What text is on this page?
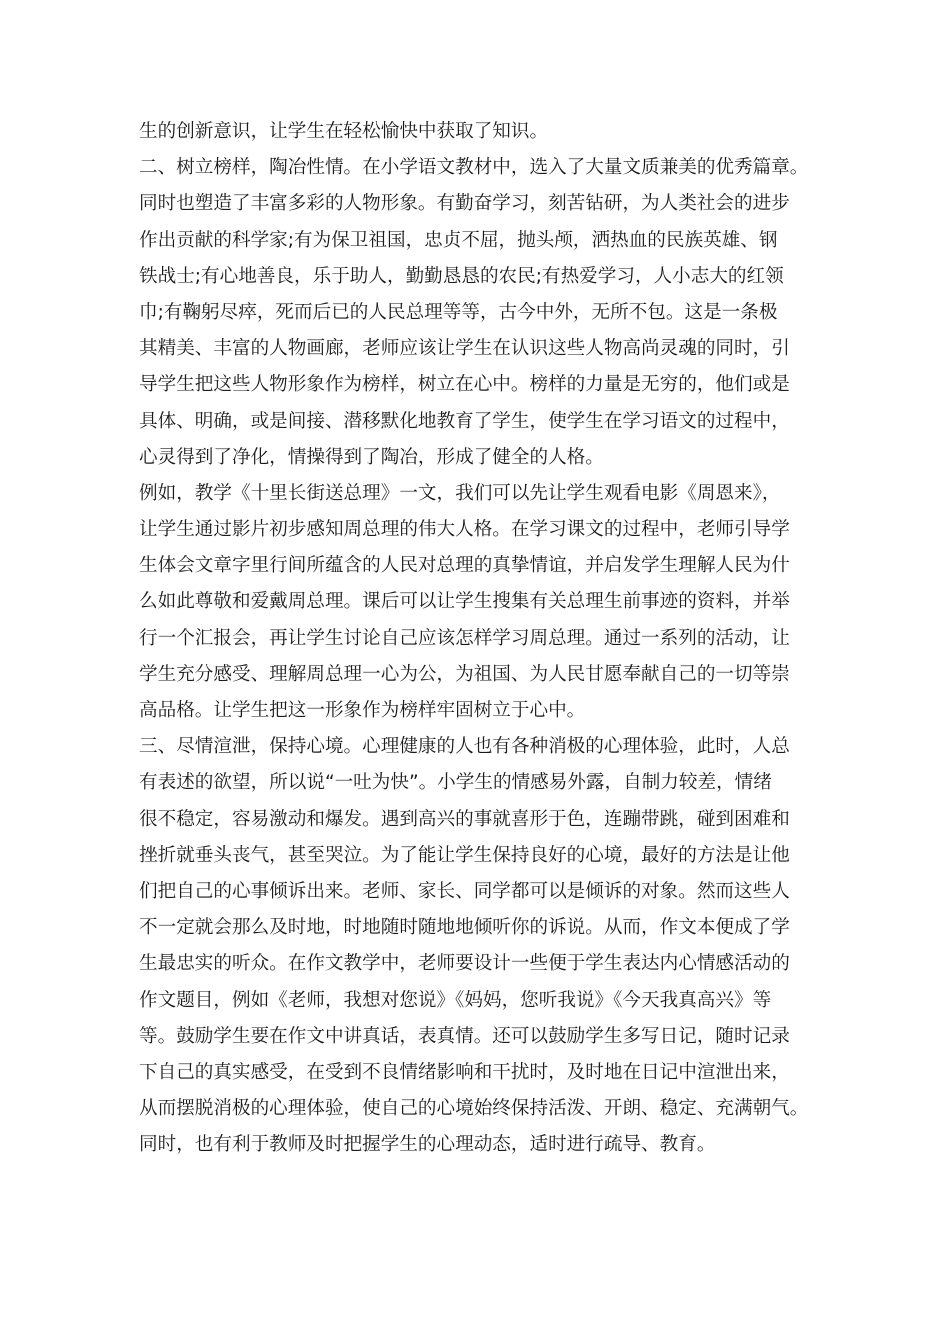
生的创新意识，让学生在轻松愉快中获取了知识。
二、树立榜样，陶冶性情。在小学语文教材中，选入了大量文质兼美的优秀篇章。
同时也塑造了丰富多彩的人物形象。有勤奋学习，刻苦钻研，为人类社会的进步
作出贡献的科学家;有为保卫祖国，忠贞不屈，抛头颅，洒热血的民族英雄、钢
铁战士;有心地善良，乐于助人，勤勤恳恳的农民;有热爱学习，人小志大的红领
巾;有鞠躬尽瘁，死而后已的人民总理等等，古今中外，无所不包。这是一条极
其精美、丰富的人物画廊，老师应该让学生在认识这些人物高尚灵魂的同时，引
导学生把这些人物形象作为榜样，树立在心中。榜样的力量是无穷的，他们或是
具体、明确，或是间接、潜移默化地教育了学生，使学生在学习语文的过程中，
心灵得到了净化，情操得到了陶冶，形成了健全的人格。
例如，教学《十里长街送总理》一文，我们可以先让学生观看电影《周恩来》，
让学生通过影片初步感知周总理的伟大人格。在学习课文的过程中，老师引导学
生体会文章字里行间所蕴含的人民对总理的真挚情谊，并启发学生理解人民为什
么如此尊敬和爱戴周总理。课后可以让学生搜集有关总理生前事迹的资料，并举
行一个汇报会，再让学生讨论自己应该怎样学习周总理。通过一系列的活动，让
学生充分感受、理解周总理一心为公，为祖国、为人民甘愿奉献自己的一切等崇
高品格。让学生把这一形象作为榜样牢固树立于心中。
三、尽情渲泄，保持心境。心理健康的人也有各种消极的心理体验，此时，人总
有表述的欲望，所以说“一吐为快”。小学生的情感易外露，自制力较差，情绪
很不稳定，容易激动和爆发。遇到高兴的事就喜形于色，连蹦带跳，碰到困难和
挫折就垂头丧气，甚至哭泣。为了能让学生保持良好的心境，最好的方法是让他
们把自己的心事倾诉出来。老师、家长、同学都可以是倾诉的对象。然而这些人
不一定就会那么及时地，时地随时随地地倾听你的诉说。从而，作文本便成了学
生最忠实的听众。在作文教学中，老师要设计一些便于学生表达内心情感活动的
作文题目，例如《老师，我想对您说》《妈妈，您听我说》《今天我真高兴》等
等。鼓励学生要在作文中讲真话，表真情。还可以鼓励学生多写日记，随时记录
下自己的真实感受，在受到不良情绪影响和干扰时，及时地在日记中渲泄出来，
从而摆脱消极的心理体验，使自己的心境始终保持活泼、开朗、稳定、充满朝气。
同时，也有利于教师及时把握学生的心理动态，适时进行疏导、教育。
